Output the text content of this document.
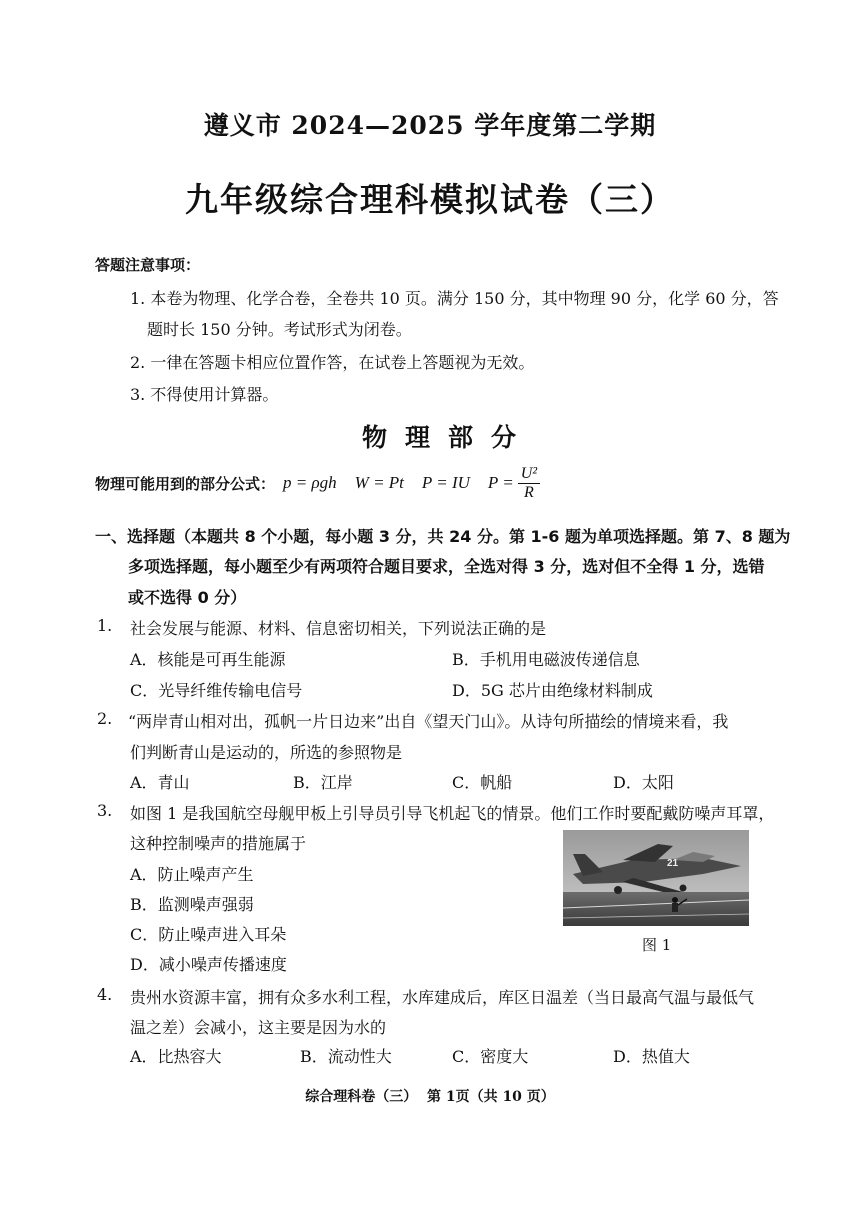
遵义市 2024—2025 学年度第二学期
九年级综合理科模拟试卷（三）
答题注意事项：
1. 本卷为物理、化学合卷，全卷共 10 页。满分 150 分，其中物理 90 分，化学 60 分，答
题时长 150 分钟。考试形式为闭卷。
2. 一律在答题卡相应位置作答，在试卷上答题视为无效。
3. 不得使用计算器。
物理部分
物理可能用到的部分公式： p = ρgh W = Pt P = IU $P = \frac{\text{U²}}{R}$
一、选择题（本题共 8 个小题，每小题 3 分，共 24 分。第 1-6 题为单项选择题。第 7、8 题为
多项选择题，每小题至少有两项符合题目要求，全选对得 3 分，选对但不全得 1 分，选错
或不选得 0 分）
1. 社会发展与能源、材料、信息密切相关，下列说法正确的是
A．核能是可再生能源	B．手机用电磁波传递信息
C．光导纤维传输电信号	D．5G 芯片由绝缘材料制成
2. “两岸青山相对出，孤帆一片日边来”出自《望天门山》。从诗句所描绘的情境来看，我
们判断青山是运动的，所选的参照物是
A．青山	B．江岸	C．帆船	D．太阳
3. 如图 1 是我国航空母舰甲板上引导员引导飞机起飞的情景。他们工作时要配戴防噪声耳罩，
这种控制噪声的措施属于
A．防止噪声产生
B．监测噪声强弱
C．防止噪声进入耳朵
D．减小噪声传播速度
21
图 1
4. 贵州水资源丰富，拥有众多水利工程，水库建成后，库区日温差（当日最高气温与最低气
温之差）会减小，这主要是因为水的
A．比热容大	B．流动性大	C．密度大	D．热值大
综合理科卷（三）  第 1页（共 10 页）
